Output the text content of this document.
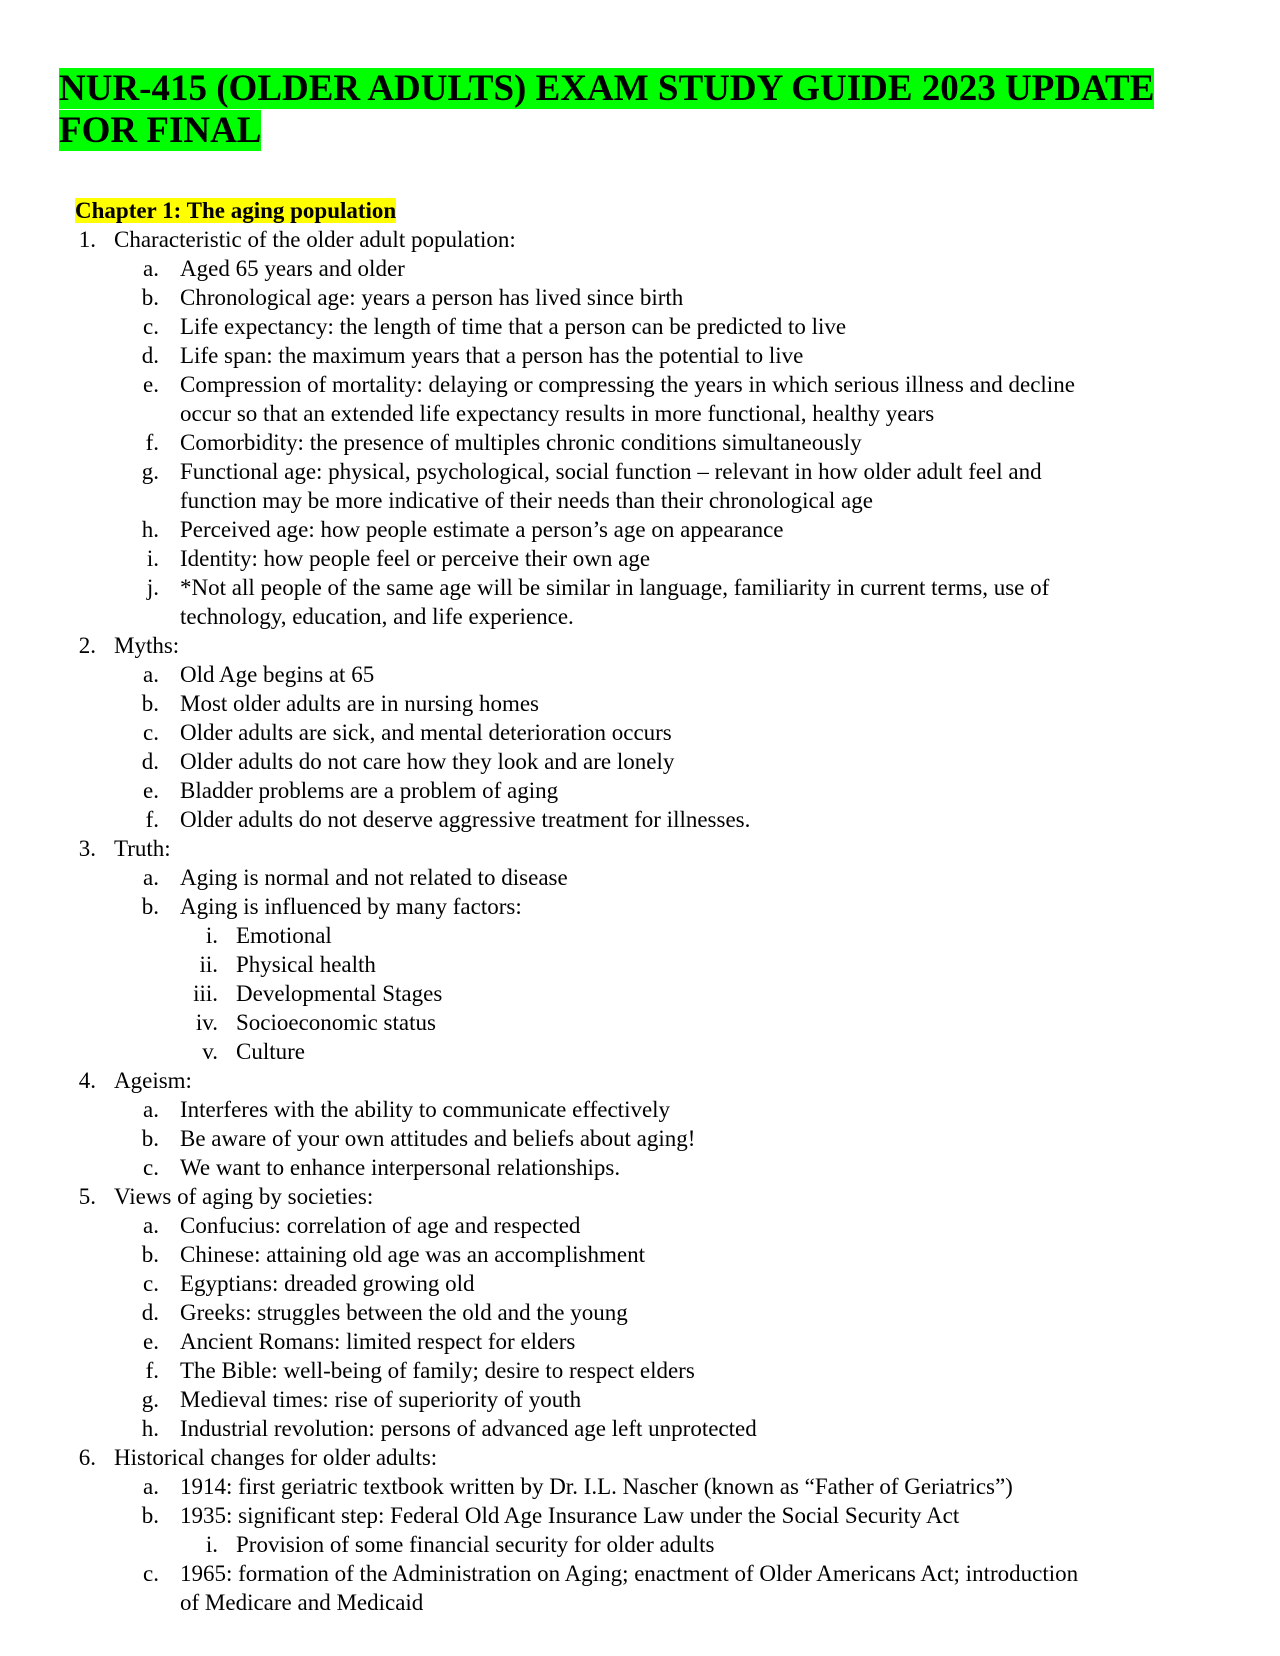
NUR-415 (OLDER ADULTS) EXAM STUDY GUIDE 2023 UPDATE FOR FINAL
Chapter 1: The aging population
1. Characteristic of the older adult population:
a. Aged 65 years and older
b. Chronological age: years a person has lived since birth
c. Life expectancy: the length of time that a person can be predicted to live
d. Life span: the maximum years that a person has the potential to live
e. Compression of mortality: delaying or compressing the years in which serious illness and decline
occur so that an extended life expectancy results in more functional, healthy years
f. Comorbidity: the presence of multiples chronic conditions simultaneously
g. Functional age: physical, psychological, social function – relevant in how older adult feel and
function may be more indicative of their needs than their chronological age
h. Perceived age: how people estimate a person’s age on appearance
i. Identity: how people feel or perceive their own age
j. *Not all people of the same age will be similar in language, familiarity in current terms, use of
technology, education, and life experience.
2. Myths:
a. Old Age begins at 65
b. Most older adults are in nursing homes
c. Older adults are sick, and mental deterioration occurs
d. Older adults do not care how they look and are lonely
e. Bladder problems are a problem of aging
f. Older adults do not deserve aggressive treatment for illnesses.
3. Truth:
a. Aging is normal and not related to disease
b. Aging is influenced by many factors:
i. Emotional
ii. Physical health
iii. Developmental Stages
iv. Socioeconomic status
v. Culture
4. Ageism:
a. Interferes with the ability to communicate effectively
b. Be aware of your own attitudes and beliefs about aging!
c. We want to enhance interpersonal relationships.
5. Views of aging by societies:
a. Confucius: correlation of age and respected
b. Chinese: attaining old age was an accomplishment
c. Egyptians: dreaded growing old
d. Greeks: struggles between the old and the young
e. Ancient Romans: limited respect for elders
f. The Bible: well-being of family; desire to respect elders
g. Medieval times: rise of superiority of youth
h. Industrial revolution: persons of advanced age left unprotected
6. Historical changes for older adults:
a. 1914: first geriatric textbook written by Dr. I.L. Nascher (known as “Father of Geriatrics”)
b. 1935: significant step: Federal Old Age Insurance Law under the Social Security Act
i. Provision of some financial security for older adults
c. 1965: formation of the Administration on Aging; enactment of Older Americans Act; introduction
of Medicare and Medicaid
